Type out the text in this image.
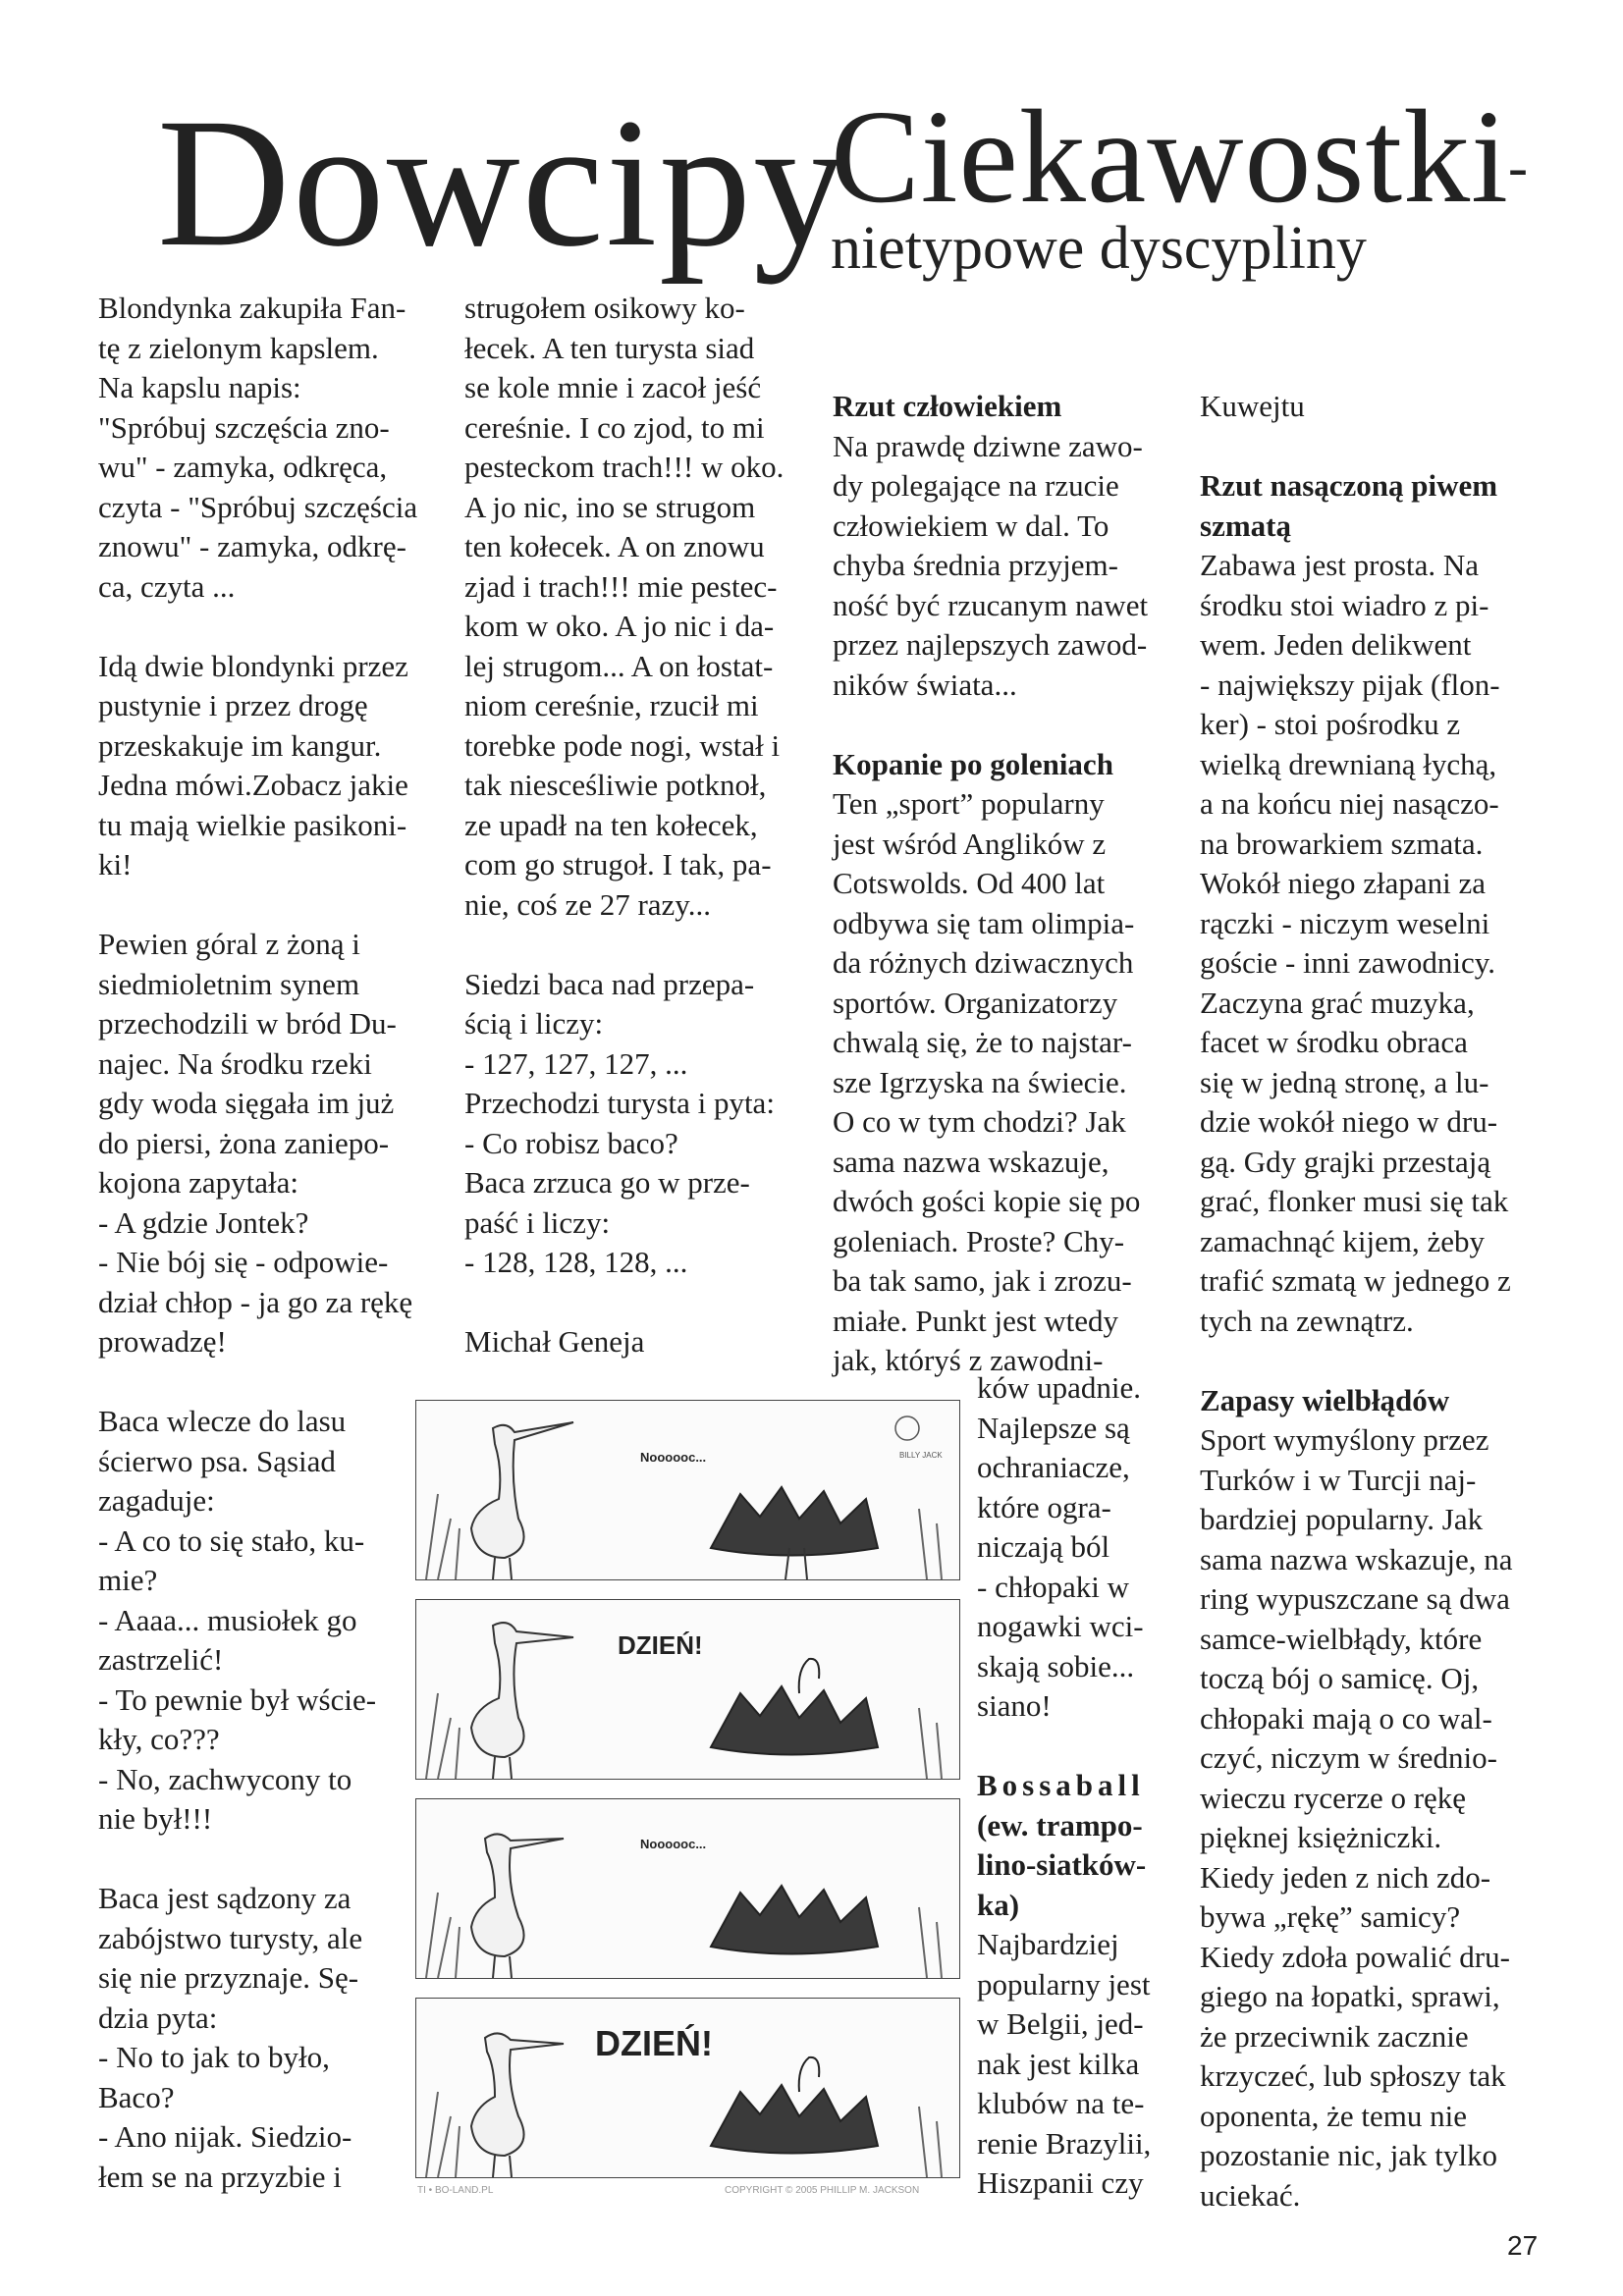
Dowcipy
Ciekawostki -
nietypowe dyscypliny
Blondynka zakupiła Fan-
tę z zielonym kapslem.
Na kapslu napis:
"Spróbuj szczęścia zno-
wu" - zamyka, odkręca,
czyta - "Spróbuj szczęścia
znowu" - zamyka, odkrę-
ca, czyta ...

Idą dwie blondynki przez
pustynie i przez drogę
przeskakuje im kangur.
Jedna mówi.Zobacz jakie
tu mają wielkie pasikoni-
ki!

Pewien góral z żoną i
siedmioletnim synem
przechodzili w bród Du-
najec. Na środku rzeki
gdy woda sięgała im już
do piersi, żona zaniepo-
kojona zapytała:
- A gdzie Jontek?
- Nie bój się - odpowie-
dział chłop - ja go za rękę
prowadzę!

Baca wlecze do lasu
ścierwo psa. Sąsiad
zagaduje:
- A co to się stało, ku-
mie?
- Aaaa... musiołek go
zastrzelić!
- To pewnie był wście-
kły, co???
- No, zachwycony to
nie był!!!

Baca jest sądzony za
zabójstwo turysty, ale
się nie przyznaje. Sę-
dzia pyta:
- No to jak to było,
Baco?
- Ano nijak. Siedzio-
łem se na przyzbie i
strugołem osikowy ko-
łecek. A ten turysta siad
se kole mnie i zacoł jeść
cereśnie. I co zjod, to mi
pesteckom trach!!! w oko.
A jo nic, ino se strugom
ten kołecek. A on znowu
zjad i trach!!! mie pestec-
kom w oko. A jo nic i da-
lej strugom... A on łostat-
niom cereśnie, rzucił mi
torebke pode nogi, wstał i
tak niesceśliwie potknoł,
ze upadł na ten kołecek,
com go strugoł. I tak, pa-
nie, coś ze 27 razy...

Siedzi baca nad przepa-
ścią i liczy:
- 127, 127, 127, ...
Przechodzi turysta i pyta:
- Co robisz baco?
Baca zrzuca go w prze-
paść i liczy:
- 128, 128, 128, ...

Michał Geneja
Rzut człowiekiem

Na prawdę dziwne zawo-
dy polegające na rzucie
człowiekiem w dal. To
chyba średnia przyjem-
ność być rzucanym nawet
przez najlepszych zawod-
ników świata...

Kopanie po goleniach
Ten „sport” popularny
jest wśród Anglików z
Cotswolds. Od 400 lat
odbywa się tam olimpia-
da różnych dziwacznych
sportów. Organizatorzy
chwalą się, że to najstar-
sze Igrzyska na świecie.
O co w tym chodzi? Jak
sama nazwa wskazuje,
dwóch gości kopie się po
goleniach. Proste? Chy-
ba tak samo, jak i zrozu-
miałe. Punkt jest wtedy
jak, któryś z zawodni-

ków upadnie.
Najlepsze są
ochraniacze,
które ogra-
niczają ból
- chłopaki w
nogawki wci-
skają sobie...
siano!

Bossaball
(ew. trampo-
lino-siatków-
ka)
Najbardziej
popularny jest
w Belgii, jed-
nak jest kilka
klubów na te-
renie Brazylii,
Hiszpanii czy

Kuwejtu

Rzut nasączoną piwem
szmatą

Zabawa jest prosta. Na
środku stoi wiadro z pi-
wem. Jeden delikwent
- największy pijak (flon-
ker) - stoi pośrodku z
wielką drewnianą łychą,
a na końcu niej nasączo-
na browarkiem szmata.
Wokół niego złapani za
rączki - niczym weselni
goście - inni zawodnicy.
Zaczyna grać muzyka,
facet w środku obraca
się w jedną stronę, a lu-
dzie wokół niego w dru-
gą. Gdy grajki przestają
grać, flonker musi się tak
zamachnąć kijem, żeby
trafić szmatą w jednego z
tych na zewnątrz.

Zapasy wielbłądów
Sport wymyślony przez
Turków i w Turcji naj-
bardziej popularny. Jak
sama nazwa wskazuje, na
ring wypuszczane są dwa
samce-wielbłądy, które
toczą bój o samicę. Oj,
chłopaki mają o co wal-
czyć, niczym w średnio-
wieczu rycerze o rękę
pięknej księżniczki.
Kiedy jeden z nich zdo-
bywa „rękę” samicy?
Kiedy zdoła powalić dru-
giego na łopatki, sprawi,
że przeciwnik zacznie
krzyczeć, lub spłoszy tak
oponenta, że temu nie
pozostanie nic, jak tylko
uciekać.
Noooooc...	BILLY JACK
DZIEŃ!
Noooooc...
DZIEŃ!
TI • BO-LAND.PL	COPYRIGHT © 2005 PHILLIP M. JACKSON
27
